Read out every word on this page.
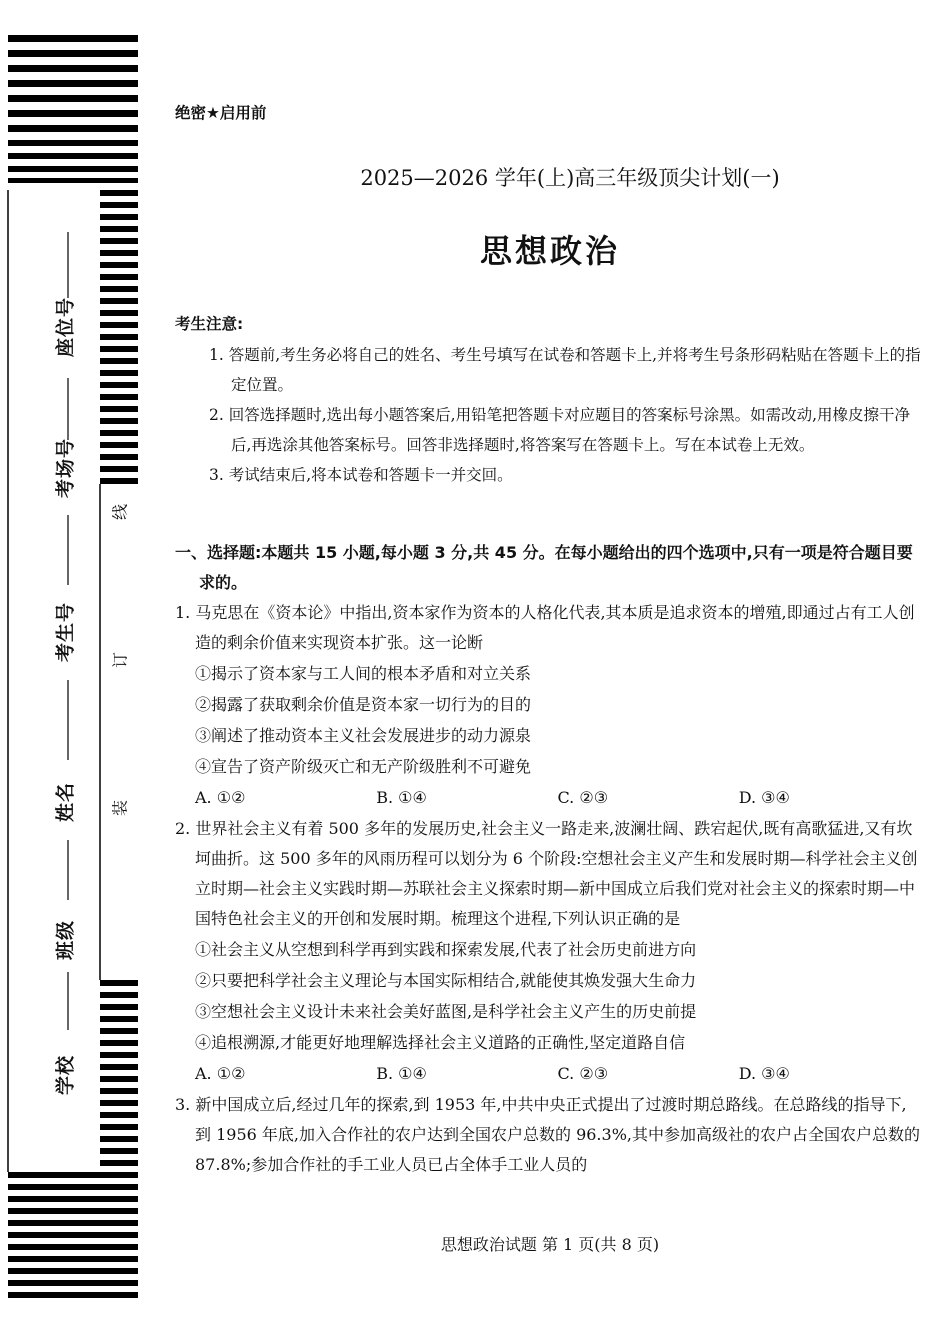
座位号
考场号
考生号
姓名
班级
学校
线
订
装
绝密★启用前
2025—2026 学年(上)高三年级顶尖计划(一)
思想政治
考生注意:
1. 答题前,考生务必将自己的姓名、考生号填写在试卷和答题卡上,并将考生号条形码粘贴在答题卡上的指定位置。
2. 回答选择题时,选出每小题答案后,用铅笔把答题卡对应题目的答案标号涂黑。如需改动,用橡皮擦干净后,再选涂其他答案标号。回答非选择题时,将答案写在答题卡上。写在本试卷上无效。
3. 考试结束后,将本试卷和答题卡一并交回。
一、选择题:本题共 15 小题,每小题 3 分,共 45 分。在每小题给出的四个选项中,只有一项是符合题目要求的。
1. 马克思在《资本论》中指出,资本家作为资本的人格化代表,其本质是追求资本的增殖,即通过占有工人创造的剩余价值来实现资本扩张。这一论断
①揭示了资本家与工人间的根本矛盾和对立关系
②揭露了获取剩余价值是资本家一切行为的目的
③阐述了推动资本主义社会发展进步的动力源泉
④宣告了资产阶级灭亡和无产阶级胜利不可避免
A. ①②	B. ①④	C. ②③	D. ③④
2. 世界社会主义有着 500 多年的发展历史,社会主义一路走来,波澜壮阔、跌宕起伏,既有高歌猛进,又有坎坷曲折。这 500 多年的风雨历程可以划分为 6 个阶段:空想社会主义产生和发展时期—科学社会主义创立时期—社会主义实践时期—苏联社会主义探索时期—新中国成立后我们党对社会主义的探索时期—中国特色社会主义的开创和发展时期。梳理这个进程,下列认识正确的是
①社会主义从空想到科学再到实践和探索发展,代表了社会历史前进方向
②只要把科学社会主义理论与本国实际相结合,就能使其焕发强大生命力
③空想社会主义设计未来社会美好蓝图,是科学社会主义产生的历史前提
④追根溯源,才能更好地理解选择社会主义道路的正确性,坚定道路自信
A. ①②	B. ①④	C. ②③	D. ③④
3. 新中国成立后,经过几年的探索,到 1953 年,中共中央正式提出了过渡时期总路线。在总路线的指导下,到 1956 年底,加入合作社的农户达到全国农户总数的 96.3%,其中参加高级社的农户占全国农户总数的 87.8%;参加合作社的手工业人员已占全体手工业人员的
思想政治试题 第 1 页(共 8 页)
